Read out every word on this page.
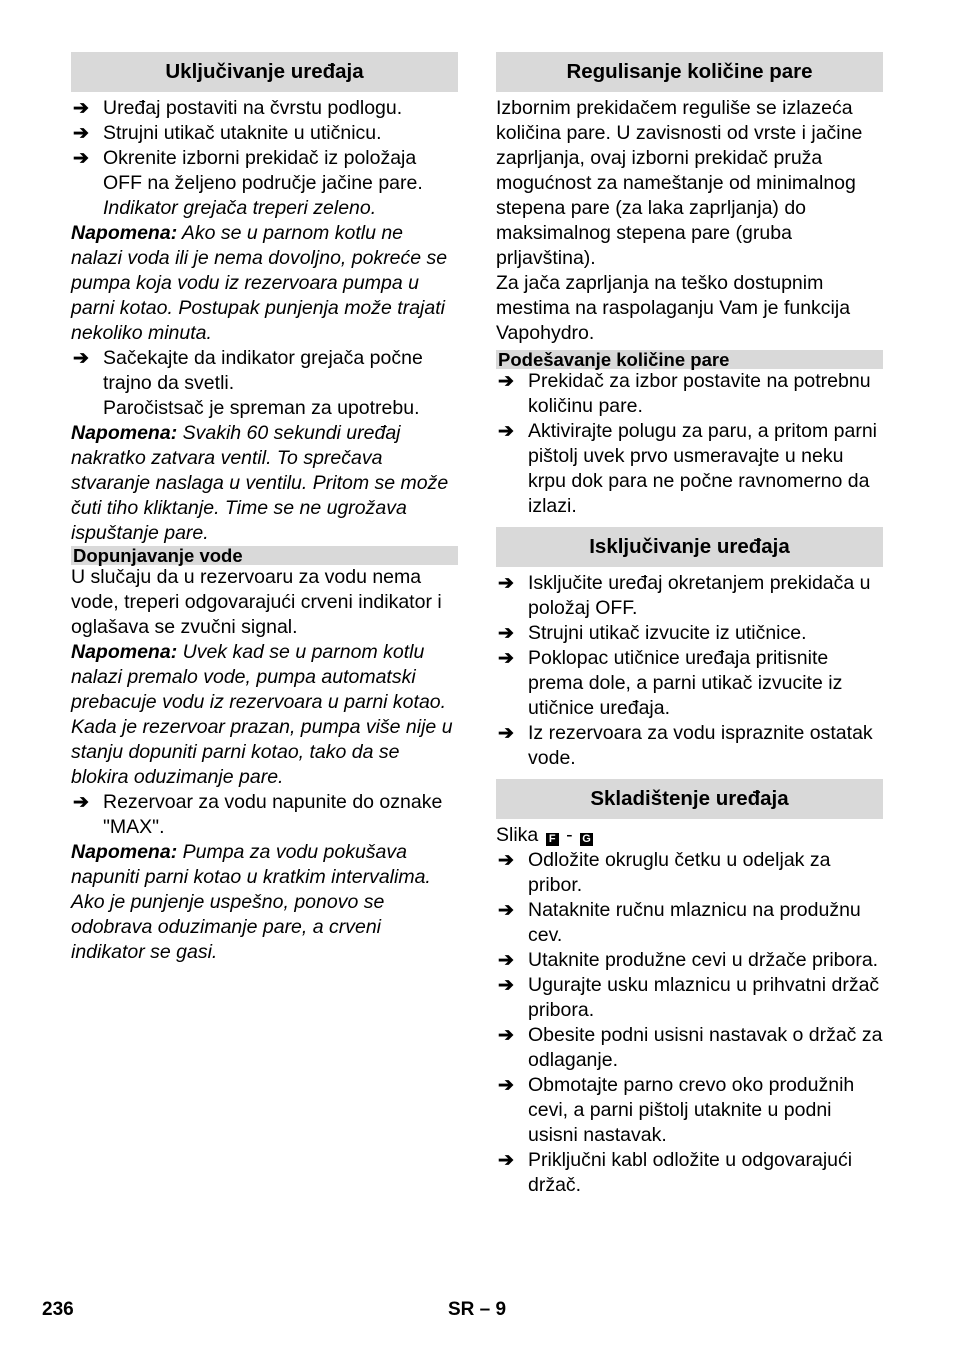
Uključivanje uređaja
➔ Uređaj postaviti na čvrstu podlogu.
➔ Strujni utikač utaknite u utičnicu.
➔ Okrenite izborni prekidač iz položaja OFF na željeno područje jačine pare.
Indikator grejača treperi zeleno.
Napomena: Ako se u parnom kotlu ne nalazi voda ili je nema dovoljno, pokreće se pumpa koja vodu iz rezervoara pumpa u parni kotao. Postupak punjenja može trajati nekoliko minuta.
➔ Sačekajte da indikator grejača počne trajno da svetli.
Paročistsač je spreman za upotrebu.
Napomena: Svakih 60 sekundi uređaj nakratko zatvara ventil. To sprečava stvaranje naslaga u ventilu. Pritom se može čuti tiho kliktanje. Time se ne ugrožava ispuštanje pare.
Dopunjavanje vode
U slučaju da u rezervoaru za vodu nema vode, treperi odgovarajući crveni indikator i oglašava se zvučni signal.
Napomena: Uvek kad se u parnom kotlu nalazi premalo vode, pumpa automatski prebacuje vodu iz rezervoara u parni kotao. Kada je rezervoar prazan, pumpa više nije u stanju dopuniti parni kotao, tako da se blokira oduzimanje pare.
➔ Rezervoar za vodu napunite do oznake "MAX".
Napomena: Pumpa za vodu pokušava napuniti parni kotao u kratkim intervalima. Ako je punjenje uspešno, ponovo se odobrava oduzimanje pare, a crveni indikator se gasi.
Regulisanje količine pare
Izbornim prekidačem reguliše se izlazeća količina pare. U zavisnosti od vrste i jačine zaprljanja, ovaj izborni prekidač pruža mogućnost za nameštanje od minimalnog stepena pare (za laka zaprljanja) do maksimalnog stepena pare (gruba prljavština).
Za jača zaprljanja na teško dostupnim mestima na raspolaganju Vam je funkcija Vapohydro.
Podešavanje količine pare
➔ Prekidač za izbor postavite na potrebnu količinu pare.
➔ Aktivirajte polugu za paru, a pritom parni pištolj uvek prvo usmeravajte u neku krpu dok para ne počne ravnomerno da izlazi.
Isključivanje uređaja
➔ Isključite uređaj okretanjem prekidača u položaj OFF.
➔ Strujni utikač izvucite iz utičnice.
➔ Poklopac utičnice uređaja pritisnite prema dole, a parni utikač izvucite iz utičnice uređaja.
➔ Iz rezervoara za vodu ispraznite ostatak vode.
Skladištenje uređaja
Slika F - G
➔ Odložite okruglu četku u odeljak za pribor.
➔ Nataknite ručnu mlaznicu na produžnu cev.
➔ Utaknite produžne cevi u držače pribora.
➔ Ugurajte usku mlaznicu u prihvatni držač pribora.
➔ Obesite podni usisni nastavak o držač za odlaganje.
➔ Obmotajte parno crevo oko produžnih cevi, a parni pištolj utaknite u podni usisni nastavak.
➔ Priključni kabl odložite u odgovarajući držač.
236	SR – 9
